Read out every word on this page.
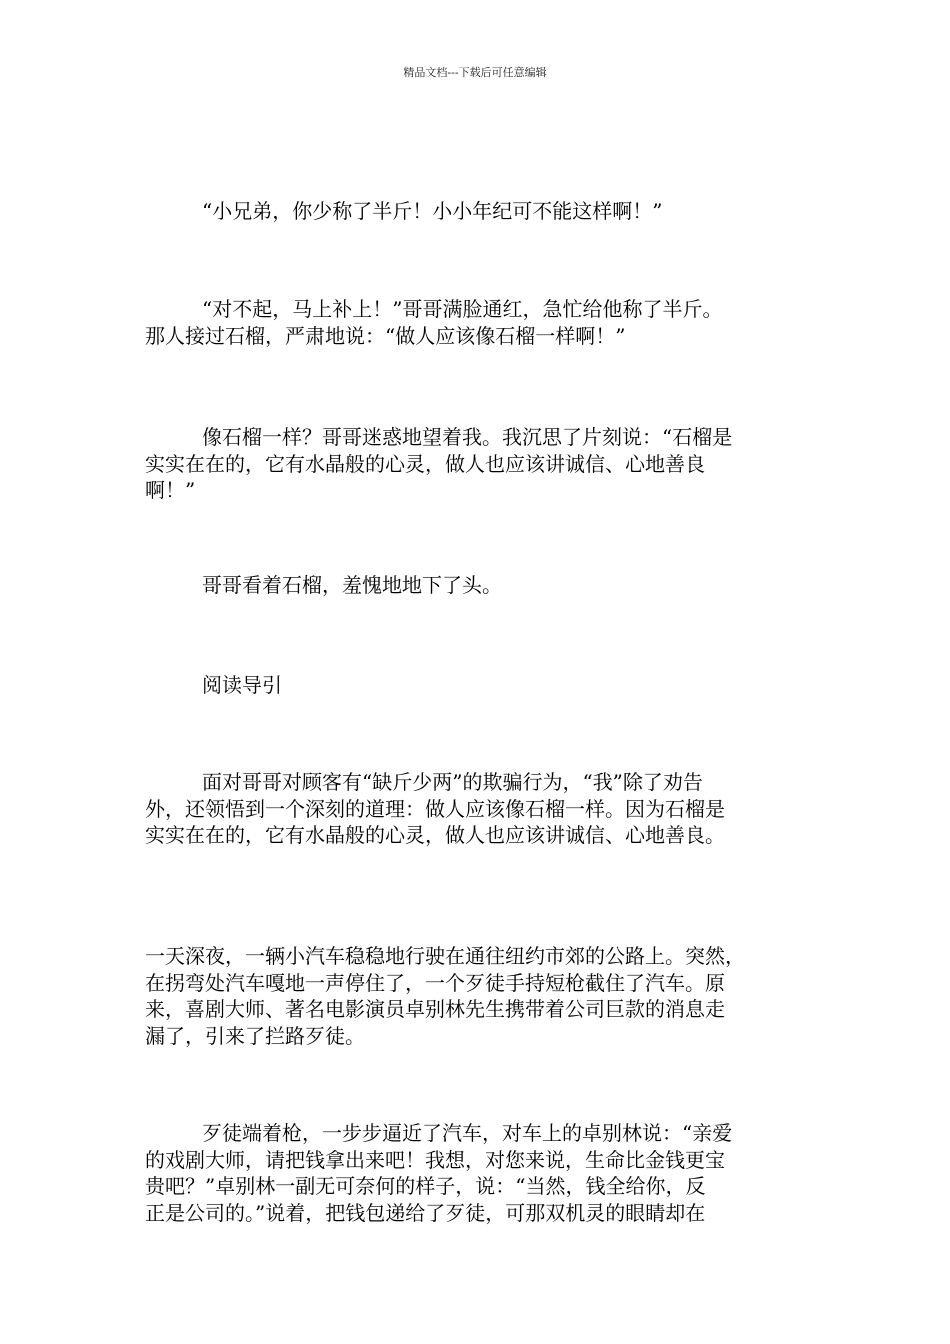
精品文档---下载后可任意编辑
“小兄弟，你少称了半斤！小小年纪可不能这样啊！”
“对不起，马上补上！”哥哥满脸通红，急忙给他称了半斤。
那人接过石榴，严肃地说：“做人应该像石榴一样啊！”
像石榴一样？哥哥迷惑地望着我。我沉思了片刻说：“石榴是
实实在在的，它有水晶般的心灵，做人也应该讲诚信、心地善良
啊！”
哥哥看着石榴，羞愧地地下了头。
阅读导引
面对哥哥对顾客有“缺斤少两”的欺骗行为，“我”除了劝告
外，还领悟到一个深刻的道理：做人应该像石榴一样。因为石榴是
实实在在的，它有水晶般的心灵，做人也应该讲诚信、心地善良。
一天深夜，一辆小汽车稳稳地行驶在通往纽约市郊的公路上。突然，
在拐弯处汽车嘎地一声停住了，一个歹徒手持短枪截住了汽车。原
来，喜剧大师、著名电影演员卓别林先生携带着公司巨款的消息走
漏了，引来了拦路歹徒。
歹徒端着枪，一步步逼近了汽车，对车上的卓别林说：“亲爱
的戏剧大师，请把钱拿出来吧！我想，对您来说，生命比金钱更宝
贵吧？”卓别林一副无可奈何的样子，说：“当然，钱全给你，反
正是公司的。”说着，把钱包递给了歹徒，可那双机灵的眼睛却在
